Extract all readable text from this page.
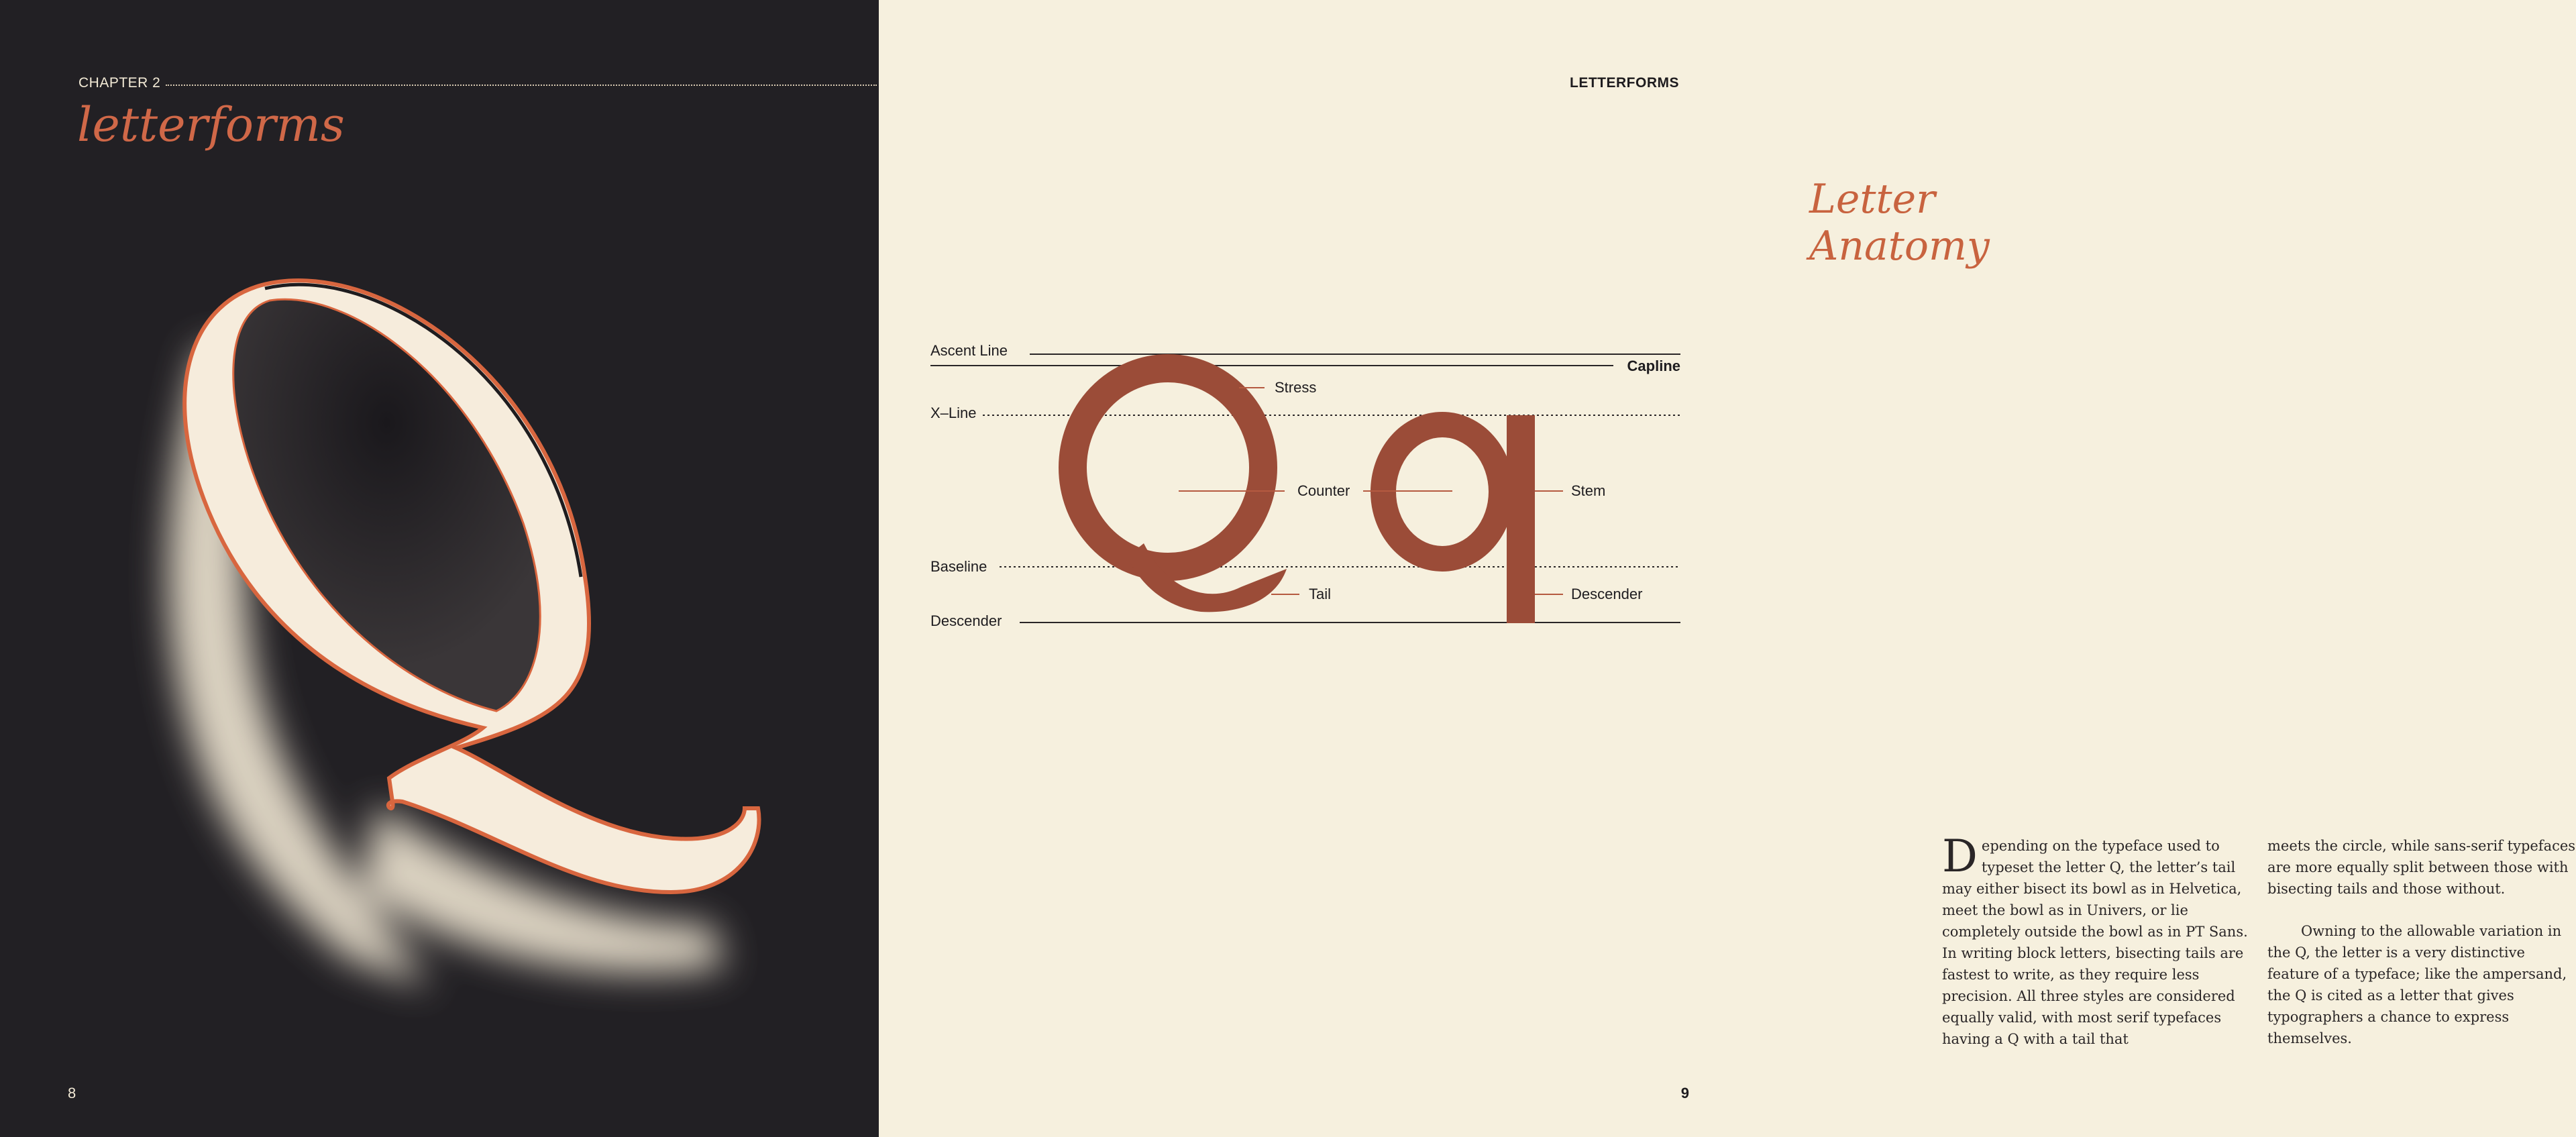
CHAPTER 2
letterforms
8
LETTERFORMS
Letter Anatomy
9

Depending on the typeface used to typeset the letter Q, the letter’s tail may either bisect its bowl as in Helvetica, meet the bowl as in Univers, or lie completely outside the bowl as in PT Sans. In writing block letters, bisecting tails are fastest to write, as they require less precision. All three styles are considered equally valid, with most serif typefaces having a Q with a tail that

meets the circle, while sans-serif typefaces are more equally split between those with bisecting tails and those without.

Owning to the allowable variation in the Q, the letter is a very distinctive feature of a typeface; like the ampersand, the Q is cited as a letter that gives typographers a chance to express themselves.

Ascent Line
Capline
X–Line
Baseline
Descender
Stress
Counter	Stem
Tail	Descender
